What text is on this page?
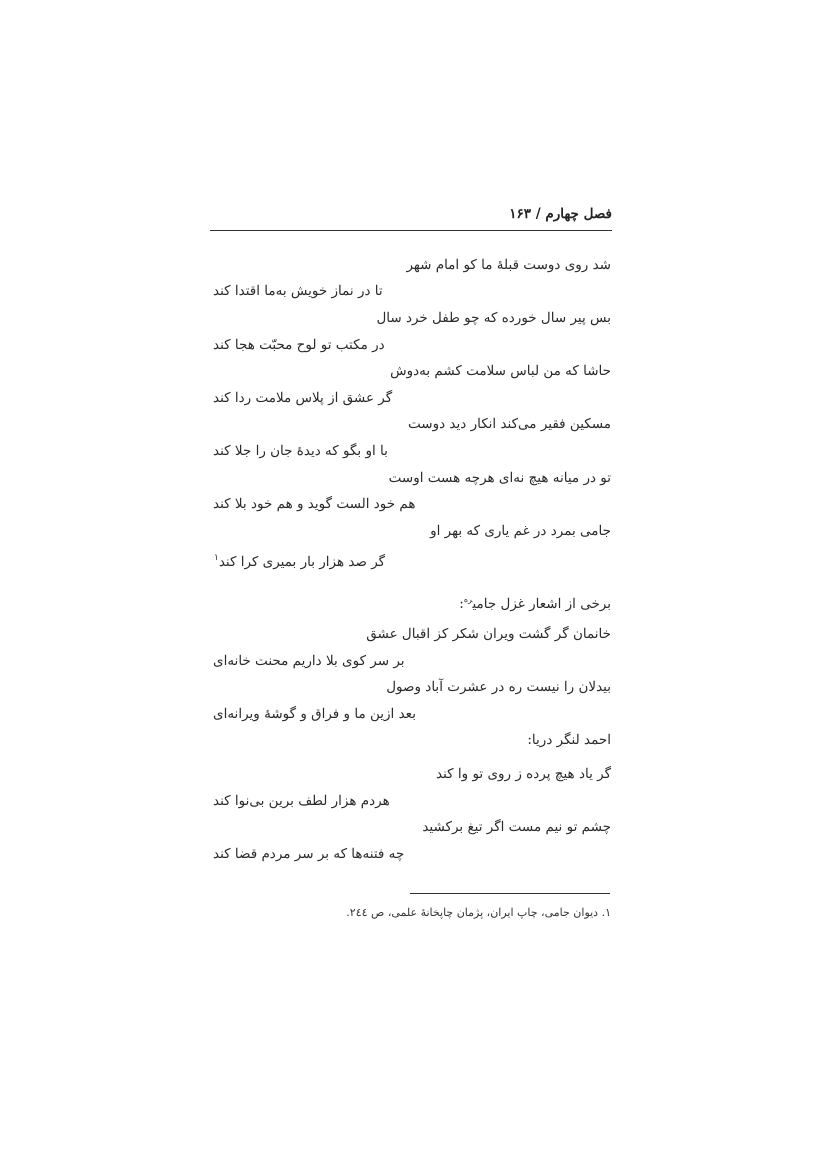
فصل چهارم / ۱۶۳
شد روی دوست قبلهٔ ما کو امام شهر
تا در نماز خویش به‌ما اقتدا کند
بس پیر سال خورده که چو طفل خرد سال
در مکتب تو لوح محبّت هجا کند
حاشا که من لباس سلامت کشم به‌دوش
گر عشق از پلاس ملامت ردا کند
مسکین فقیر می‌کند انکار دید دوست
با او بگو که دیدهٔ جان را جلا کند
تو در میانه هیچ نه‌ای هرچه هست اوست
هم خود الست گوید و هم خود بلا کند
جامی بمرد در غم یاری که بهر او
گر صد هزار بار بمیری کرا کند$^۱$
برخی از اشعار غزل جامی$^{ره}$:
خانمان گر گشت ویران شکر کز اقبال عشق
بر سر کوی بلا داریم محنت خانه‌ای
بیدلان را نیست ره در عشرت آباد وصول
بعد ازین ما و فراق و گوشهٔ ویرانه‌ای
احمد لنگر دریا:
گر یاد هیچ پرده ز روی تو وا کند
هردم هزار لطف برین بی‌نوا کند
چشم تو نیم مست اگر تیغ برکشید
چه فتنه‌ها که بر سر مردم قضا کند
۱. دیوان جامی، چاپ ایران، پژمان چاپخانهٔ علمی، ص ۲٤٤.
